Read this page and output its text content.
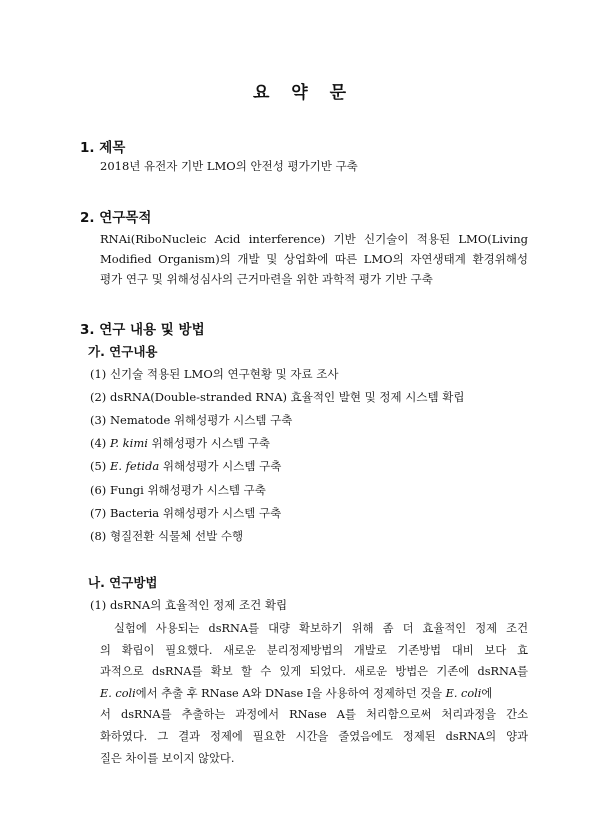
요 약 문
1. 제목
2018년 유전자 기반 LMO의 안전성 평가기반 구축
2. 연구목적
RNAi(RiboNucleic Acid interference) 기반 신기술이 적용된 LMO(Living
Modified Organism)의 개발 및 상업화에 따른 LMO의 자연생태계 환경위해성
평가 연구 및 위해성심사의 근거마련을 위한 과학적 평가 기반 구축
3. 연구 내용 및 방법
가. 연구내용
(1) 신기술 적용된 LMO의 연구현황 및 자료 조사
(2) dsRNA(Double-stranded RNA) 효율적인 발현 및 정제 시스템 확립
(3) Nematode 위해성평가 시스템 구축
(4) P. kimi 위해성평가 시스템 구축
(5) E. fetida 위해성평가 시스템 구축
(6) Fungi 위해성평가 시스템 구축
(7) Bacteria 위해성평가 시스템 구축
(8) 형질전환 식물체 선발 수행
나. 연구방법
(1) dsRNA의 효율적인 정제 조건 확립
실험에 사용되는 dsRNA를 대량 확보하기 위해 좀 더 효율적인 정제 조건
의 확립이 필요했다. 새로운 분리정제방법의 개발로 기존방법 대비 보다 효
과적으로 dsRNA를 확보 할 수 있게 되었다. 새로운 방법은 기존에 dsRNA를
E. coli에서 추출 후 RNase A와 DNase I을 사용하여 정제하던 것을 E. coli에
서 dsRNA를 추출하는 과정에서 RNase A를 처리함으로써 처리과정을 간소
화하였다. 그 결과 정제에 필요한 시간을 줄였음에도 정제된 dsRNA의 양과
질은 차이를 보이지 않았다.
